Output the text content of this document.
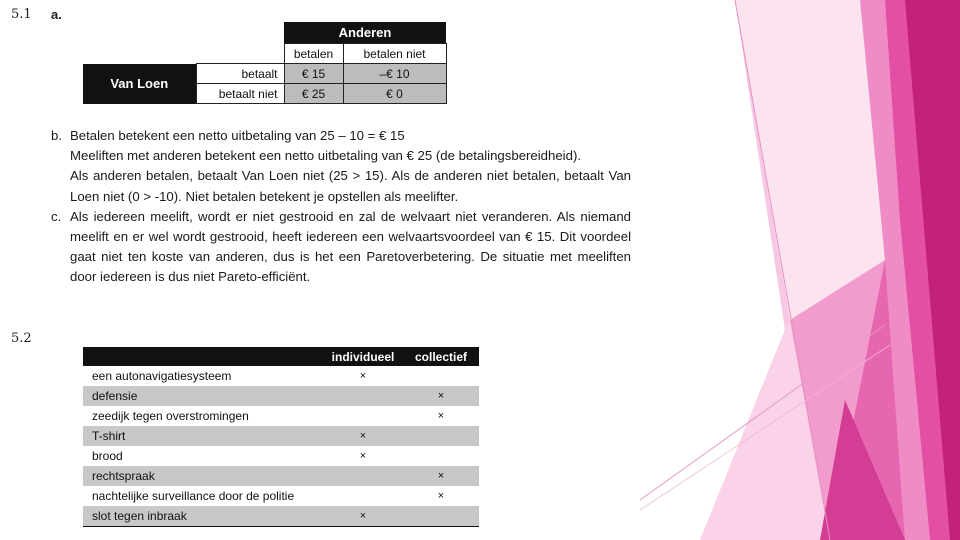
5.1 a.
		Anderen	
		betalen	betalen niet
Van Loen	betaalt	€ 15	–€ 10
	betaalt niet	€ 25	€ 0
b. Betalen betekent een netto uitbetaling van 25 – 10 = € 15
Meeliften met anderen betekent een netto uitbetaling van € 25 (de betalingsbereidheid).
Als anderen betalen, betaalt Van Loen niet (25 > 15). Als de anderen niet betalen, betaalt Van Loen niet (0 > -10). Niet betalen betekent je opstellen als meelifter.
c. Als iedereen meelift, wordt er niet gestrooid en zal de welvaart niet veranderen. Als niemand meelift en er wel wordt gestrooid, heeft iedereen een welvaartsvoordeel van € 15. Dit voordeel gaat niet ten koste van anderen, dus is het een Paretoverbetering. De situatie met meeliften door iedereen is dus niet Pareto-efficiënt.
5.2
	individueel	collectief
een autonavigatiesysteem	×	
defensie		×
zeedijk tegen overstromingen		×
T-shirt	×	
brood	×	
rechtspraak		×
nachtelijke surveillance door de politie		×
slot tegen inbraak	×	
